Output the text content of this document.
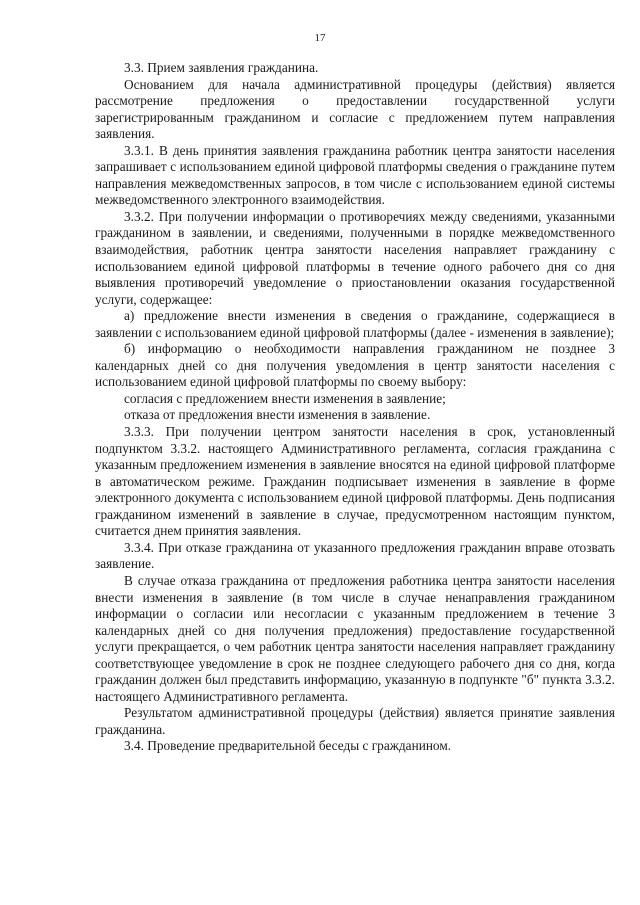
17

3.3. Прием заявления гражданина.

Основанием для начала административной процедуры (действия) является рассмотрение предложения о предоставлении государственной услуги зарегистрированным гражданином и согласие с предложением путем направления заявления.

3.3.1. В день принятия заявления гражданина работник центра занятости населения запрашивает с использованием единой цифровой платформы сведения о гражданине путем направления межведомственных запросов, в том числе с использованием единой системы межведомственного электронного взаимодействия.

3.3.2. При получении информации о противоречиях между сведениями, указанными гражданином в заявлении, и сведениями, полученными в порядке межведомственного взаимодействия, работник центра занятости населения направляет гражданину с использованием единой цифровой платформы в течение одного рабочего дня со дня выявления противоречий уведомление о приостановлении оказания государственной услуги, содержащее:

а) предложение внести изменения в сведения о гражданине, содержащиеся в заявлении с использованием единой цифровой платформы (далее - изменения в заявление);

б) информацию о необходимости направления гражданином не позднее 3 календарных дней со дня получения уведомления в центр занятости населения с использованием единой цифровой платформы по своему выбору:

согласия с предложением внести изменения в заявление;

отказа от предложения внести изменения в заявление.

3.3.3. При получении центром занятости населения в срок, установленный подпунктом 3.3.2. настоящего Административного регламента, согласия гражданина с указанным предложением изменения в заявление вносятся на единой цифровой платформе в автоматическом режиме. Гражданин подписывает изменения в заявление в форме электронного документа с использованием единой цифровой платформы. День подписания гражданином изменений в заявление в случае, предусмотренном настоящим пунктом, считается днем принятия заявления.

3.3.4. При отказе гражданина от указанного предложения гражданин вправе отозвать заявление.

В случае отказа гражданина от предложения работника центра занятости населения внести изменения в заявление (в том числе в случае ненаправления гражданином информации о согласии или несогласии с указанным предложением в течение 3 календарных дней со дня получения предложения) предоставление государственной услуги прекращается, о чем работник центра занятости населения направляет гражданину соответствующее уведомление в срок не позднее следующего рабочего дня со дня, когда гражданин должен был представить информацию, указанную в подпункте "б" пункта 3.3.2. настоящего Административного регламента.

Результатом административной процедуры (действия) является принятие заявления гражданина.

3.4. Проведение предварительной беседы с гражданином.
